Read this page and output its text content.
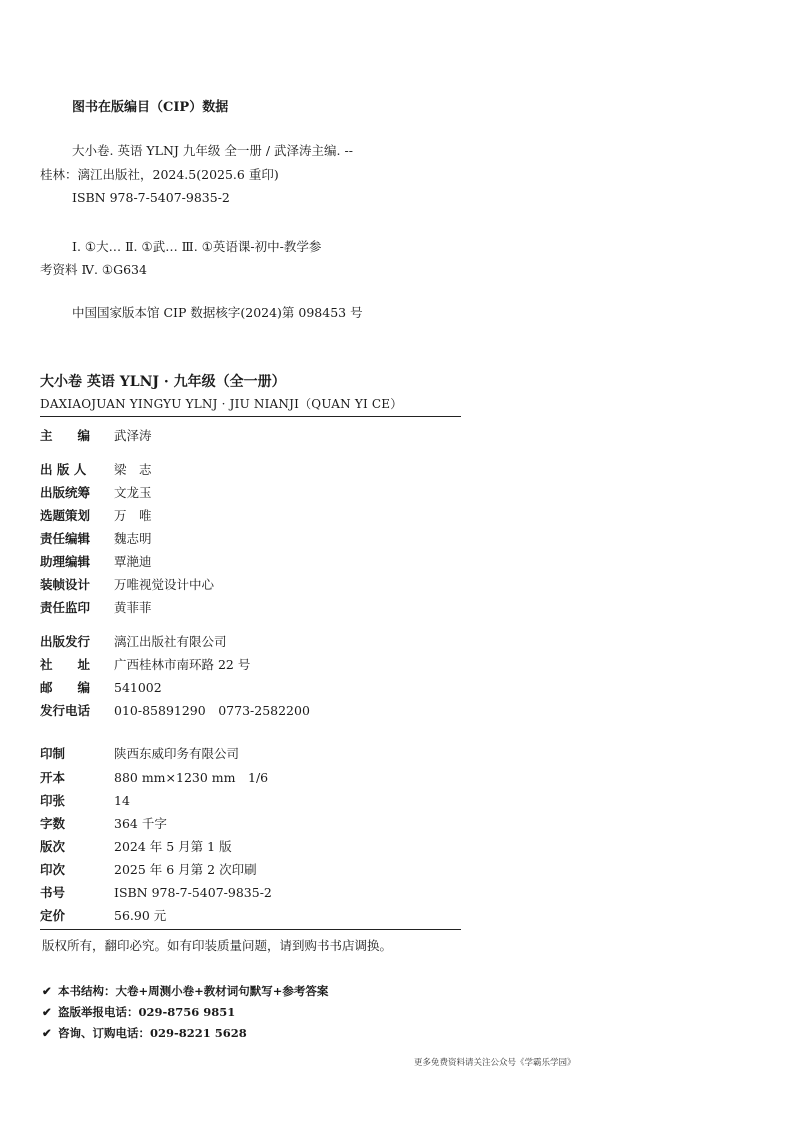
图书在版编目（CIP）数据
大小卷. 英语 YLNJ 九年级 全一册 / 武泽涛主编. --
桂林：漓江出版社，2024.5(2025.6 重印)
ISBN 978-7-5407-9835-2
Ⅰ. ①大… Ⅱ. ①武… Ⅲ. ①英语课-初中-教学参
考资料 Ⅳ. ①G634
中国国家版本馆 CIP 数据核字(2024)第 098453 号
大小卷 英语 YLNJ · 九年级（全一册）
DAXIAOJUAN YINGYU YLNJ · JIU NIANJI（QUAN YI CE）
主　　编 武泽涛
出 版 人 梁　志
出版统筹 文龙玉
选题策划 万　唯
责任编辑 魏志明
助理编辑 覃滟迪
装帧设计 万唯视觉设计中心
责任监印 黄菲菲
出版发行 漓江出版社有限公司
社　　址 广西桂林市南环路 22 号
邮　　编 541002
发行电话 010-85891290　0773-2582200
印制	陕西东威印务有限公司
开本	880 mm×1230 mm　1/6
印张	14
字数	364 千字
版次	2024 年 5 月第 1 版
印次	2025 年 6 月第 2 次印刷
书号	ISBN 978-7-5407-9835-2
定价	56.90 元
版权所有，翻印必究。如有印装质量问题，请到购书书店调换。
✔ 本书结构：大卷+周测小卷+教材词句默写+参考答案
✔ 盗版举报电话：029-8756 9851
✔ 咨询、订购电话：029-8221 5628
更多免费资料请关注公众号《学霸乐学园》
